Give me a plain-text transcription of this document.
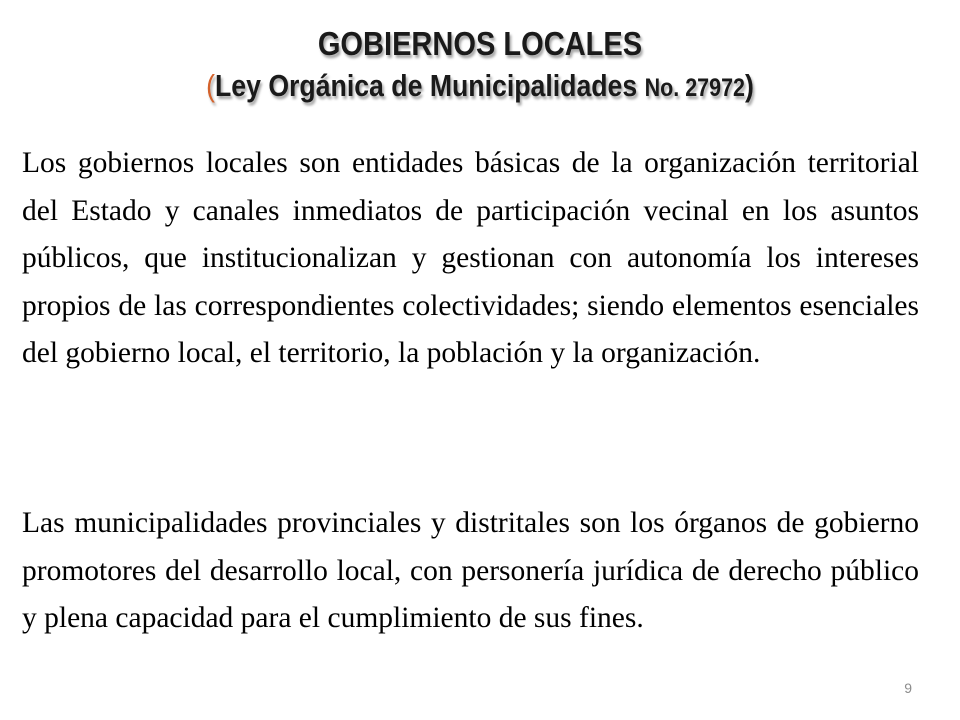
GOBIERNOS LOCALES
(Ley Orgánica de Municipalidades No. 27972)

Los gobiernos locales son entidades básicas de la organización territorial del Estado y canales inmediatos de participación vecinal en los asuntos públicos, que institucionalizan y gestionan con autonomía los intereses propios de las correspondientes colectividades; siendo elementos esenciales del gobierno local, el territorio, la población y la organización.

Las municipalidades provinciales y distritales son los órganos de gobierno promotores del desarrollo local, con personería jurídica de derecho público y plena capacidad para el cumplimiento de sus fines.

9
